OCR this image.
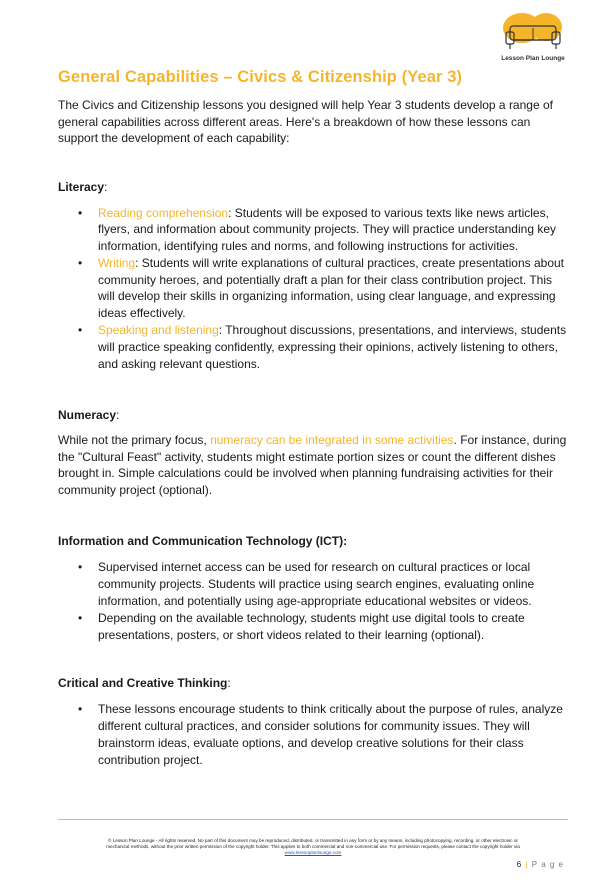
Lesson Plan Lounge
General Capabilities – Civics & Citizenship (Year 3)

The Civics and Citizenship lessons you designed will help Year 3 students develop a range of general capabilities across different areas. Here's a breakdown of how these lessons can support the development of each capability:

Literacy:
• Reading comprehension: Students will be exposed to various texts like news articles, flyers, and information about community projects. They will practice understanding key information, identifying rules and norms, and following instructions for activities.
• Writing: Students will write explanations of cultural practices, create presentations about community heroes, and potentially draft a plan for their class contribution project. This will develop their skills in organizing information, using clear language, and expressing ideas effectively.
• Speaking and listening: Throughout discussions, presentations, and interviews, students will practice speaking confidently, expressing their opinions, actively listening to others, and asking relevant questions.
Numeracy:

While not the primary focus, numeracy can be integrated in some activities. For instance, during the "Cultural Feast" activity, students might estimate portion sizes or count the different dishes brought in. Simple calculations could be involved when planning fundraising activities for their community project (optional).

Information and Communication Technology (ICT):
• Supervised internet access can be used for research on cultural practices or local community projects. Students will practice using search engines, evaluating online information, and potentially using age-appropriate educational websites or videos.
• Depending on the available technology, students might use digital tools to create presentations, posters, or short videos related to their learning (optional).
Critical and Creative Thinking:
• These lessons encourage students to think critically about the purpose of rules, analyze different cultural practices, and consider solutions for community issues. They will brainstorm ideas, evaluate options, and develop creative solutions for their class contribution project.
© Lesson Plan Lounge - All rights reserved. No part of this document may be reproduced, distributed, or transmitted in any form or by any means, including photocopying, recording, or other electronic or
mechanical methods, without the prior written permission of the copyright holder. This applies to both commercial and non-commercial use. For permission requests, please contact the copyright holder via
www.lessonplanlounge.com
6 | P a g e
